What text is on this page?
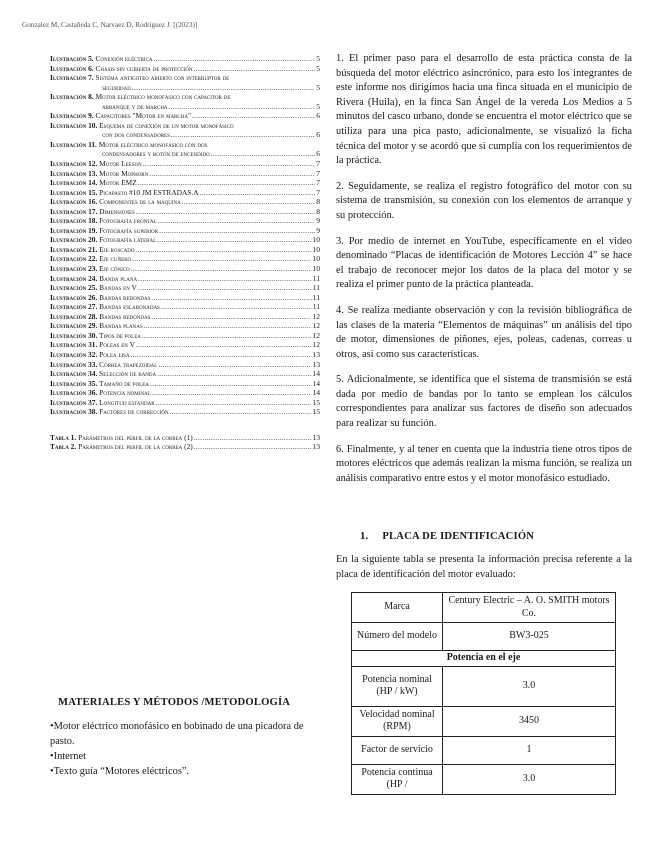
Gonzalez M, Castañeda C, Narvaez D, Rodríguez J. [(2023)]
Ilustración 5. Conexión eléctrica .....	5
Ilustración 6. Chasis sin cubierta de protección .....	5
Ilustración 7. Sistema antigoteo abierto con interruptor de
seguridad .....	5
Ilustración 8. Motor eléctrico monofásico con capacitor de
arranque y de marcha .....	5
Ilustración 9. Capacitores "Motor en marcha" .....	6
Ilustración 10. Esquema de conexión de un motor monofásico
con dos condensadores .....	6
Ilustración 11. Motor eléctrico monofásico con dos
condensadores y botón de encendido .....	6
Ilustración 12. Motor Leeson .....	7
Ilustración 13. Motor Mophorn .....	7
Ilustración 14. Motor EMZ .....	7
Ilustración 15. Picapasto #10 JM ESTRADAS.A .....	7
Ilustración 16. Componentes de la máquina .....	8
Ilustración 17. Dimensiones .....	8
Ilustración 18. Fotografía frontal .....	9
Ilustración 19. Fotografía superior .....	9
Ilustración 20. Fotografía lateral .....	10
Ilustración 21. Eje roscado .....	10
Ilustración 22. Eje cuñero .....	10
Ilustración 23. Eje cónico .....	10
Ilustración 24. Banda plana .....	11
Ilustración 25. Bandas en V .....	11
Ilustración 26. Bandas redondas .....	11
Ilustración 27. Bandas eslabonadas .....	11
Ilustración 28. Bandas redondas .....	12
Ilustración 29. Bandas planas .....	12
Ilustración 30. Tipos de polea .....	12
Ilustración 31. Poleas en V .....	12
Ilustración 32. Polea lisa .....	13
Ilustración 33. Correa trapezoidal .....	13
Ilustración 34. Selección de banda .....	14
Ilustración 35. Tamaño de polea .....	14
Ilustración 36. Potencia nominal .....	14
Ilustración 37. Longitud estandar .....	15
Ilustración 38. Factores de corrección .....	15
Tabla 1. Parámetros del perfil de la correa (1) .....	13
Tabla 2. Parámetros del perfil de la correa (2) .....	13
MATERIALES Y MÉTODOS /METODOLOGÍA
•Motor eléctrico monofásico en bobinado de una picadora de pasto.
•Internet
•Texto guía “Motores eléctricos”.

1. El primer paso para el desarrollo de esta práctica consta de la búsqueda del motor eléctrico asincrónico, para esto los integrantes de este informe nos dirigimos hacia una finca situada en el municipio de Rivera (Huila), en la finca San Ángel de la vereda Los Medios a 5 minutos del casco urbano, donde se encuentra el motor eléctrico que se utiliza para una pica pasto, adicionalmente, se visualizó la ficha técnica del motor y se acordó que si cumplía con los requerimientos de la práctica.

2. Seguidamente, se realiza el registro fotográfico del motor con su sistema de transmisión, su conexión con los elementos de arranque y su protección.

3. Por medio de internet en YouTube, específicamente en el video denominado “Placas de identificación de Motores Lección 4” se hace el trabajo de reconocer mejor los datos de la placa del motor y se realiza el primer punto de la práctica planteada.

4. Se realiza mediante observación y con la revisión bibliográfica de las clases de la materia “Elementos de máquinas” un análisis del tipo de motor, dimensiones de piñones, ejes, poleas, cadenas, correas u otros, así como sus características.

5. Adicionalmente, se identifica que el sistema de transmisión se está dada por medio de bandas por lo tanto se emplean los cálculos correspondientes para analizar sus factores de diseño son adecuados para realizar su función.

6. Finalmente, y al tener en cuenta que la industria tiene otros tipos de motores eléctricos que además realizan la misma función, se realiza un análisis comparativo entre estos y el motor monofásico estudiado.

1. PLACA DE IDENTIFICACIÓN
En la siguiente tabla se presenta la información precisa referente a la placa de identificación del motor evaluado:
Marca	Century Electric – A. O. SMITH motors Co.
Número del modelo	BW3-025
Potencia en el eje	
Potencia nominal (HP / kW)	3.0
Velocidad nominal (RPM)	3450
Factor de servicio	1
Potencia continua (HP /	3.0
